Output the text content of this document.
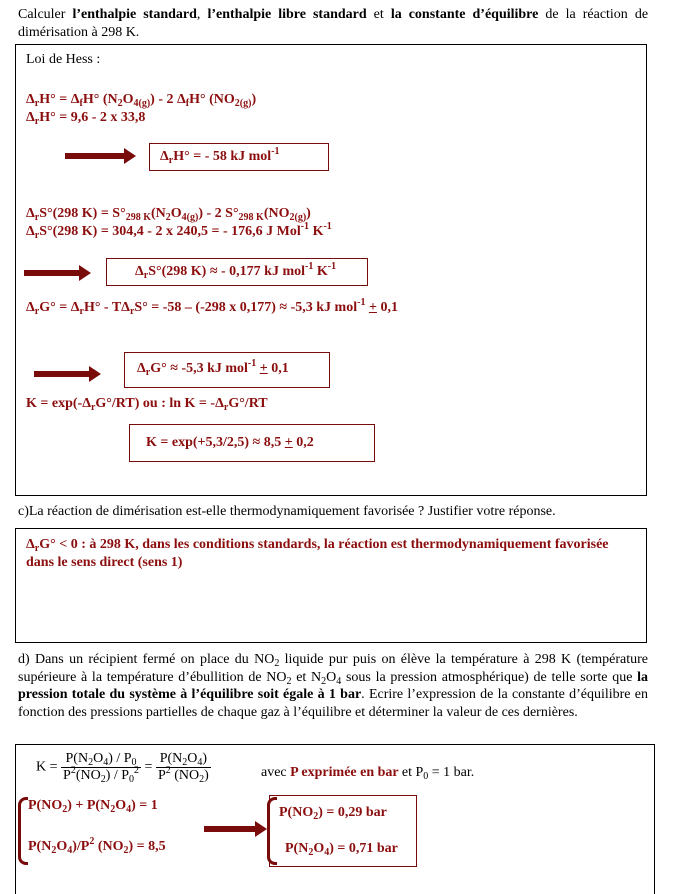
Calculer l’enthalpie standard, l’enthalpie libre standard et la constante d’équilibre de la réaction de dimérisation à 298 K.
Loi de Hess :
$\Delta_rH^\circ = \Delta_fH^\circ$ $(N_2O_{4(g)}) - 2$ $\Delta_fH^\circ$ $(NO_{2(g)})$
$\Delta_rH^\circ = 9,6 - 2$ x 33,8
$\Delta_rH^\circ$ = - 58 kJ mol$^{-1}$
$\Delta_rS^\circ(298$ $K) = S^\circ_{298 K}(N_2O_{4(g)}) - 2$ $S^\circ_{298 K}(NO_{2(g)})$
$\Delta_rS^\circ(298$ K) = 304,4 - 2 x 240,5 = - 176,6 J Mol$^{-1}$ $K^{-1}$
$\Delta_rS^\circ(298$ K) ≈ - 0,177 kJ mol$^{-1}$ $K^{-1}$
$\Delta_rG^\circ = \Delta_rH^\circ - T\Delta_rS^\circ = -58 - (-298$ x 0,177) ≈ -5,3 kJ mol$^{-1}$ + 0,1
$\Delta_rG^\circ \approx -5,3$ kJ mol$^{-1}$ + 0,1
$K = \exp(-\Delta_rG^\circ/RT)$ ou : $\ln K = -\Delta_rG^\circ/RT$
K = exp(+5,3/2,5) ≈ 8,5 + 0,2
c)La réaction de dimérisation est-elle thermodynamiquement favorisée ? Justifier votre réponse.
$\Delta_rG^\circ < 0$ : à 298 K, dans les conditions standards, la réaction est thermodynamiquement favorisée dans le sens direct (sens 1)
d) Dans un récipient fermé on place du $NO_2$ liquide pur puis on élève la température à 298 K (température supérieure à la température d’ébullition de $NO_2$ et $N_2O_4$ sous la pression atmosphérique) de telle sorte que la pression totale du système à l’équilibre soit égale à 1 bar. Ecrire l’expression de la constante d’équilibre en fonction des pressions partielles de chaque gaz à l’équilibre et déterminer la valeur de ces dernières.
$K = \frac{P(N_2O_4) / P_0}{P^2(NO_2) / P_0^2} = \frac{P(N_2O_4)}{P^2 (NO_2)}$	avec P exprimée en bar et $P_0 = 1$ bar.
$P(NO_2) + P(N_2O_4) = 1$
$P(N_2O_4)/P^2$ $(NO_2) = 8,5$
$P(NO_2) = 0,29$ bar
$P(N_2O_4) = 0,71$ bar
